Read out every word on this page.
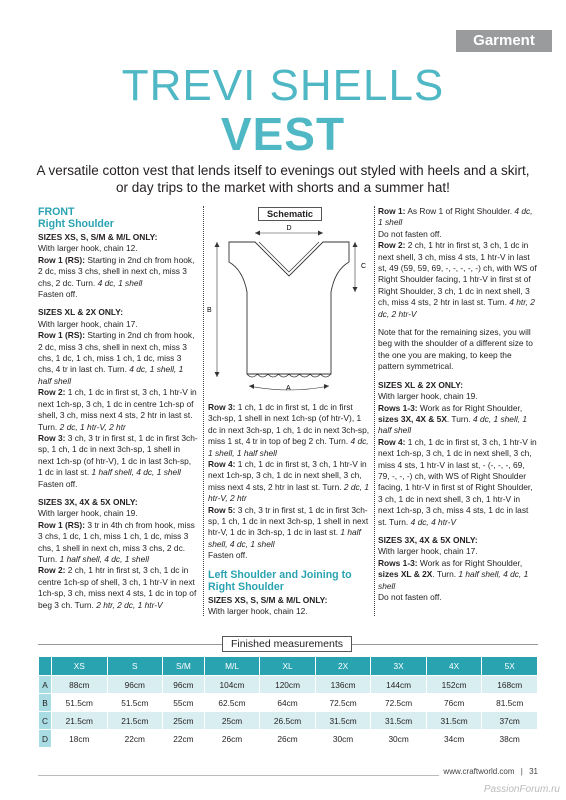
Garment
TREVI SHELLS
VEST

A versatile cotton vest that lends itself to evenings out styled with heels and a skirt, or day trips to the market with shorts and a summer hat!

FRONT
Right Shoulder

SIZES XS, S, S/M & M/L ONLY:
With larger hook, chain 12.
Row 1 (RS): Starting in 2nd ch from hook, 2 dc, miss 3 chs, shell in next ch, miss 3 chs, 2 dc. Turn. 4 dc, 1 shell
Fasten off.

SIZES XL & 2X ONLY:
With larger hook, chain 17.
Row 1 (RS): Starting in 2nd ch from hook, 2 dc, miss 3 chs, shell in next ch, miss 3 chs, 1 dc, 1 ch, miss 1 ch, 1 dc, miss 3 chs, 4 tr in last ch. Turn. 4 dc, 1 shell, 1 half shell
Row 2: 1 ch, 1 dc in first st, 3 ch, 1 htr-V in next 1ch-sp, 3 ch, 1 dc in centre 1ch-sp of shell, 3 ch, miss next 4 sts, 2 htr in last st. Turn. 2 dc, 1 htr-V, 2 htr
Row 3: 3 ch, 3 tr in first st, 1 dc in first 3ch-sp, 1 ch, 1 dc in next 3ch-sp, 1 shell in next 1ch-sp (of htr-V), 1 dc in last 3ch-sp, 1 dc in last st. 1 half shell, 4 dc, 1 shell
Fasten off.

SIZES 3X, 4X & 5X ONLY:
With larger hook, chain 19.
Row 1 (RS): 3 tr in 4th ch from hook, miss 3 chs, 1 dc, 1 ch, miss 1 ch, 1 dc, miss 3 chs, 1 shell in next ch, miss 3 chs, 2 dc. Turn. 1 half shell, 4 dc, 1 shell
Row 2: 2 ch, 1 htr in first st, 3 ch, 1 dc in centre 1ch-sp of shell, 3 ch, 1 htr-V in next 1ch-sp, 3 ch, miss next 4 sts, 1 dc in top of beg 3 ch. Turn. 2 htr, 2 dc, 1 htr-V

Schematic
D
C
B
A

Row 3: 1 ch, 1 dc in first st, 1 dc in first 3ch-sp, 1 shell in next 1ch-sp (of htr-V), 1 dc in next 3ch-sp, 1 ch, 1 dc in next 3ch-sp, miss 1 st, 4 tr in top of beg 2 ch. Turn. 4 dc, 1 shell, 1 half shell
Row 4: 1 ch, 1 dc in first st, 3 ch, 1 htr-V in next 1ch-sp, 3 ch, 1 dc in next shell, 3 ch, miss next 4 sts, 2 htr in last st. Turn. 2 dc, 1 htr-V, 2 htr
Row 5: 3 ch, 3 tr in first st, 1 dc in first 3ch-sp, 1 ch, 1 dc in next 3ch-sp, 1 shell in next htr-V, 1 dc in 3ch-sp, 1 dc in last st. 1 half shell, 4 dc, 1 shell
Fasten off.

Left Shoulder and Joining to Right Shoulder

SIZES XS, S, S/M & M/L ONLY:
With larger hook, chain 12.

Row 1: As Row 1 of Right Shoulder. 4 dc, 1 shell
Do not fasten off.
Row 2: 2 ch, 1 htr in first st, 3 ch, 1 dc in next shell, 3 ch, miss 4 sts, 1 htr-V in last st, 49 (59, 59, 69, -, -, -, -, -) ch, with WS of Right Shoulder facing, 1 htr-V in first st of Right Shoulder, 3 ch, 1 dc in next shell, 3 ch, miss 4 sts, 2 htr in last st. Turn. 4 htr, 2 dc, 2 htr-V

Note that for the remaining sizes, you will beg with the shoulder of a different size to the one you are making, to keep the pattern symmetrical.

SIZES XL & 2X ONLY:
With larger hook, chain 19.
Rows 1-3: Work as for Right Shoulder, sizes 3X, 4X & 5X. Turn. 4 dc, 1 shell, 1 half shell
Row 4: 1 ch, 1 dc in first st, 3 ch, 1 htr-V in next 1ch-sp, 3 ch, 1 dc in next shell, 3 ch, miss 4 sts, 1 htr-V in last st, - (-, -, -, 69, 79, -, -, -) ch, with WS of Right Shoulder facing, 1 htr-V in first st of Right Shoulder, 3 ch, 1 dc in next shell, 3 ch, 1 htr-V in next 1ch-sp, 3 ch, miss 4 sts, 1 dc in last st. Turn. 4 dc, 4 htr-V

SIZES 3X, 4X & 5X ONLY:
With larger hook, chain 17.
Rows 1-3: Work as for Right Shoulder, sizes XL & 2X. Turn. 1 half shell, 4 dc, 1 shell
Do not fasten off.

Finished measurements
	XS	S	S/M	M/L	XL	2X	3X	4X	5X
A	88cm	96cm	96cm	104cm	120cm	136cm	144cm	152cm	168cm
B	51.5cm	51.5cm	55cm	62.5cm	64cm	72.5cm	72.5cm	76cm	81.5cm
C	21.5cm	21.5cm	25cm	25cm	26.5cm	31.5cm	31.5cm	31.5cm	37cm
D	18cm	22cm	22cm	26cm	26cm	30cm	30cm	34cm	38cm
www.craftworld.com | 31
PassionForum.ru
